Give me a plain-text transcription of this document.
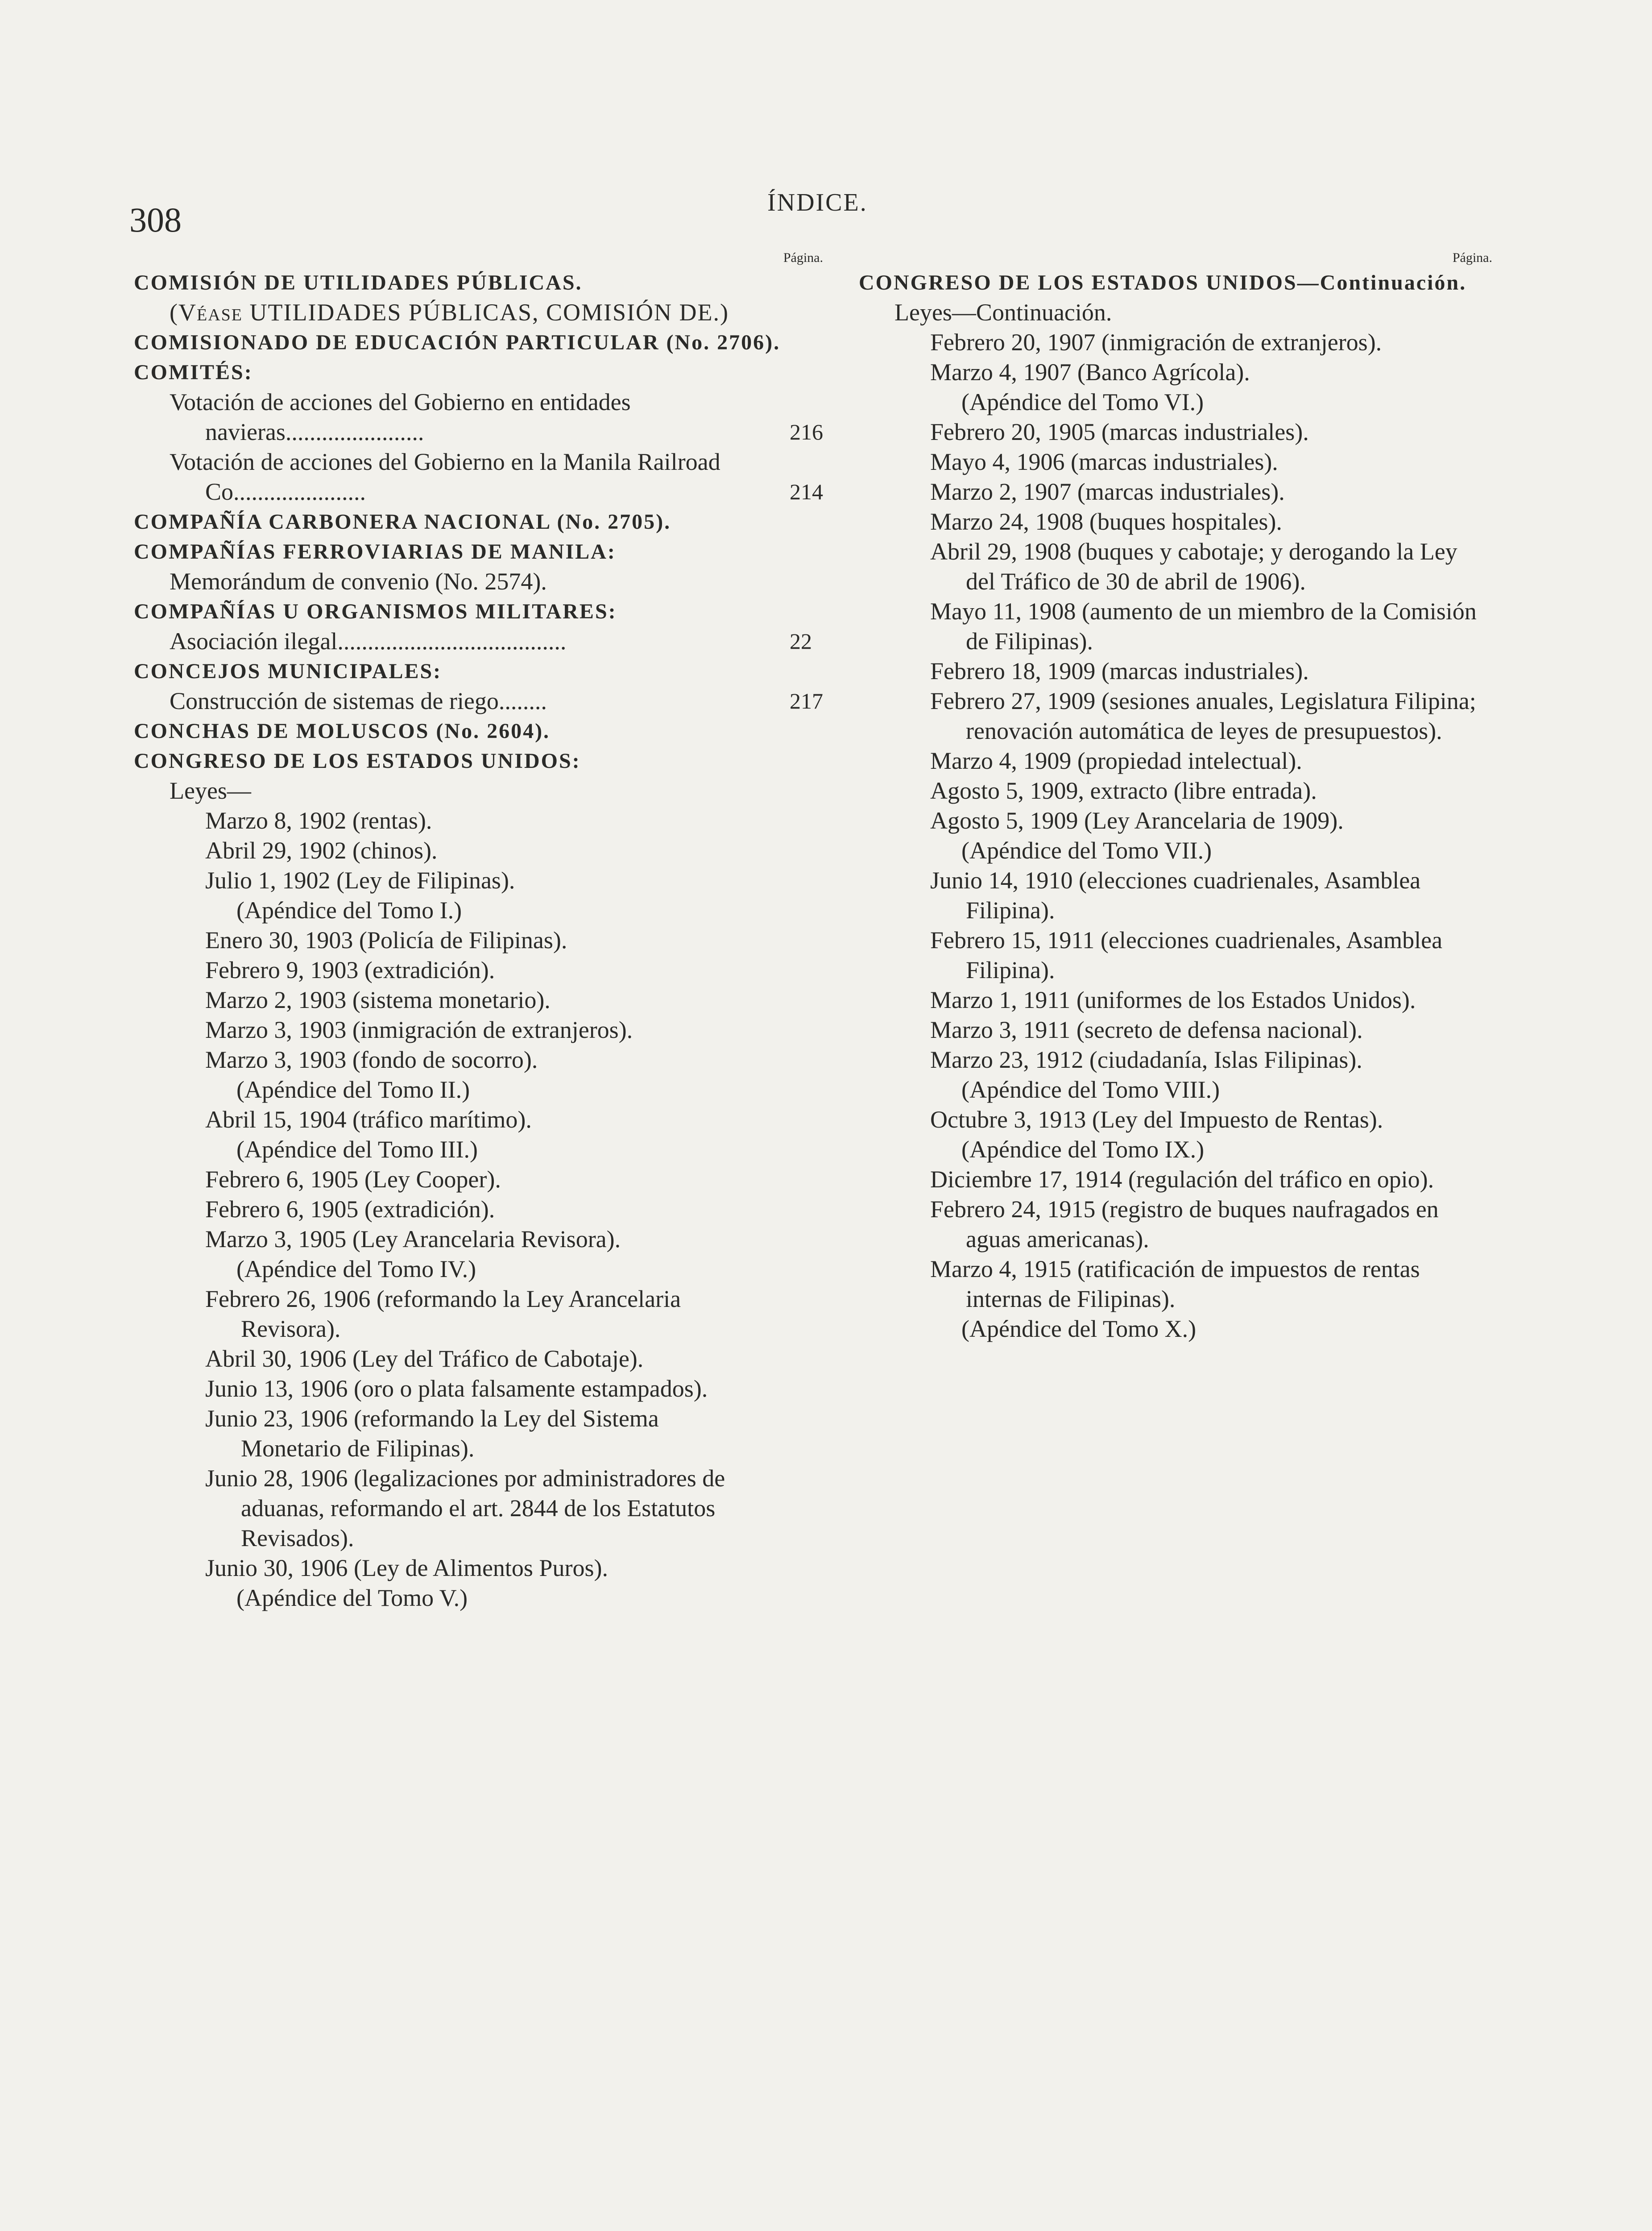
308	ÍNDICE.
Página.
COMISIÓN DE UTILIDADES PÚBLICAS.
(Véase UTILIDADES PÚBLICAS, COMISIÓN DE.)
COMISIONADO DE EDUCACIÓN PARTICULAR (No. 2706).
COMITÉS:
Votación de acciones del Gobierno en entidades navieras.......................	216
Votación de acciones del Gobierno en la Manila Railroad Co......................	214
COMPAÑÍA CARBONERA NACIONAL (No. 2705).
COMPAÑÍAS FERROVIARIAS DE MANILA:
Memorándum de convenio (No. 2574).
COMPAÑÍAS U ORGANISMOS MILITARES:
Asociación ilegal......................................	22
CONCEJOS MUNICIPALES:
Construcción de sistemas de riego........	217
CONCHAS DE MOLUSCOS (No. 2604).
CONGRESO DE LOS ESTADOS UNIDOS:
Leyes—
Marzo 8, 1902 (rentas).
Abril 29, 1902 (chinos).
Julio 1, 1902 (Ley de Filipinas).
(Apéndice del Tomo I.)
Enero 30, 1903 (Policía de Filipinas).
Febrero 9, 1903 (extradición).
Marzo 2, 1903 (sistema monetario).
Marzo 3, 1903 (inmigración de extranjeros).
Marzo 3, 1903 (fondo de socorro).
(Apéndice del Tomo II.)
Abril 15, 1904 (tráfico marítimo).
(Apéndice del Tomo III.)
Febrero 6, 1905 (Ley Cooper).
Febrero 6, 1905 (extradición).
Marzo 3, 1905 (Ley Arancelaria Revisora).
(Apéndice del Tomo IV.)
Febrero 26, 1906 (reformando la Ley Arancelaria Revisora).
Abril 30, 1906 (Ley del Tráfico de Cabotaje).
Junio 13, 1906 (oro o plata falsamente estampados).
Junio 23, 1906 (reformando la Ley del Sistema Monetario de Filipinas).
Junio 28, 1906 (legalizaciones por administradores de aduanas, reformando el art. 2844 de los Estatutos Revisados).
Junio 30, 1906 (Ley de Alimentos Puros).
(Apéndice del Tomo V.)
Página.
CONGRESO DE LOS ESTADOS UNIDOS—Continuación.
Leyes—Continuación.
Febrero 20, 1907 (inmigración de extranjeros).
Marzo 4, 1907 (Banco Agrícola).
(Apéndice del Tomo VI.)
Febrero 20, 1905 (marcas industriales).
Mayo 4, 1906 (marcas industriales).
Marzo 2, 1907 (marcas industriales).
Marzo 24, 1908 (buques hospitales).
Abril 29, 1908 (buques y cabotaje; y derogando la Ley del Tráfico de 30 de abril de 1906).
Mayo 11, 1908 (aumento de un miembro de la Comisión de Filipinas).
Febrero 18, 1909 (marcas industriales).
Febrero 27, 1909 (sesiones anuales, Legislatura Filipina; renovación automática de leyes de presupuestos).
Marzo 4, 1909 (propiedad intelectual).
Agosto 5, 1909, extracto (libre entrada).
Agosto 5, 1909 (Ley Arancelaria de 1909).
(Apéndice del Tomo VII.)
Junio 14, 1910 (elecciones cuadrienales, Asamblea Filipina).
Febrero 15, 1911 (elecciones cuadrienales, Asamblea Filipina).
Marzo 1, 1911 (uniformes de los Estados Unidos).
Marzo 3, 1911 (secreto de defensa nacional).
Marzo 23, 1912 (ciudadanía, Islas Filipinas).
(Apéndice del Tomo VIII.)
Octubre 3, 1913 (Ley del Impuesto de Rentas).
(Apéndice del Tomo IX.)
Diciembre 17, 1914 (regulación del tráfico en opio).
Febrero 24, 1915 (registro de buques naufragados en aguas americanas).
Marzo 4, 1915 (ratificación de impuestos de rentas internas de Filipinas).
(Apéndice del Tomo X.)
